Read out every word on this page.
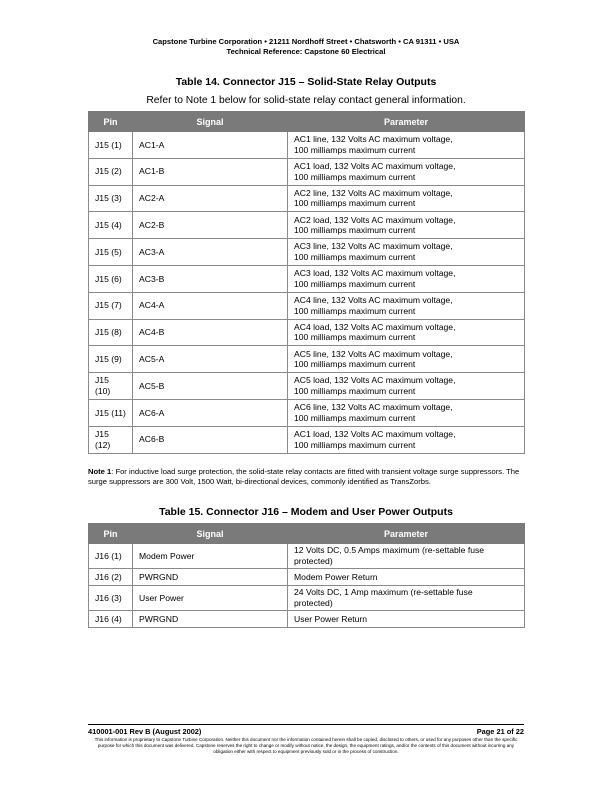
Capstone Turbine Corporation • 21211 Nordhoff Street • Chatsworth • CA 91311 • USA
Technical Reference: Capstone 60 Electrical
Table 14. Connector J15 – Solid-State Relay Outputs
Refer to Note 1 below for solid-state relay contact general information.
Pin	Signal	Parameter
J15 (1)	AC1-A	AC1 line, 132 Volts AC maximum voltage,
100 milliamps maximum current

J15 (2)	AC1-B	AC1 load, 132 Volts AC maximum voltage,
100 milliamps maximum current

J15 (3)	AC2-A	AC2 line, 132 Volts AC maximum voltage,
100 milliamps maximum current

J15 (4)	AC2-B	AC2 load, 132 Volts AC maximum voltage,
100 milliamps maximum current

J15 (5)	AC3-A	AC3 line, 132 Volts AC maximum voltage,
100 milliamps maximum current

J15 (6)	AC3-B	AC3 load, 132 Volts AC maximum voltage,
100 milliamps maximum current

J15 (7)	AC4-A	AC4 line, 132 Volts AC maximum voltage,
100 milliamps maximum current

J15 (8)	AC4-B	AC4 load, 132 Volts AC maximum voltage,
100 milliamps maximum current

J15 (9)	AC5-A	AC5 line, 132 Volts AC maximum voltage,
100 milliamps maximum current

J15 (10)	AC5-B	AC5 load, 132 Volts AC maximum voltage,
100 milliamps maximum current

J15 (11)	AC6-A	AC6 line, 132 Volts AC maximum voltage,
100 milliamps maximum current

J15 (12)	AC6-B	AC1 load, 132 Volts AC maximum voltage,
100 milliamps maximum current
Note 1: For inductive load surge protection, the solid-state relay contacts are fitted with transient voltage surge suppressors. The surge suppressors are 300 Volt, 1500 Watt, bi-directional devices, commonly identified as TransZorbs.
Table 15. Connector J16 – Modem and User Power Outputs
Pin	Signal	Parameter
J16 (1)	Modem Power	12 Volts DC, 0.5 Amps maximum (re-settable fuse
protected)

J16 (2)	PWRGND	Modem Power Return
J16 (3)	User Power	24 Volts DC, 1 Amp maximum (re-settable fuse
protected)

J16 (4)	PWRGND	User Power Return
410001-001 Rev B (August 2002)	Page 21 of 22
This information is proprietary to Capstone Turbine Corporation. Neither this document nor the information contained herein shall be copied, disclosed to others, or used for any purposes other than the specific purpose for which this document was delivered. Capstone reserves the right to change or modify without notice, the design, the equipment ratings, and/or the contents of this document without incurring any obligation either with respect to equipment previously sold or in the process of construction.
